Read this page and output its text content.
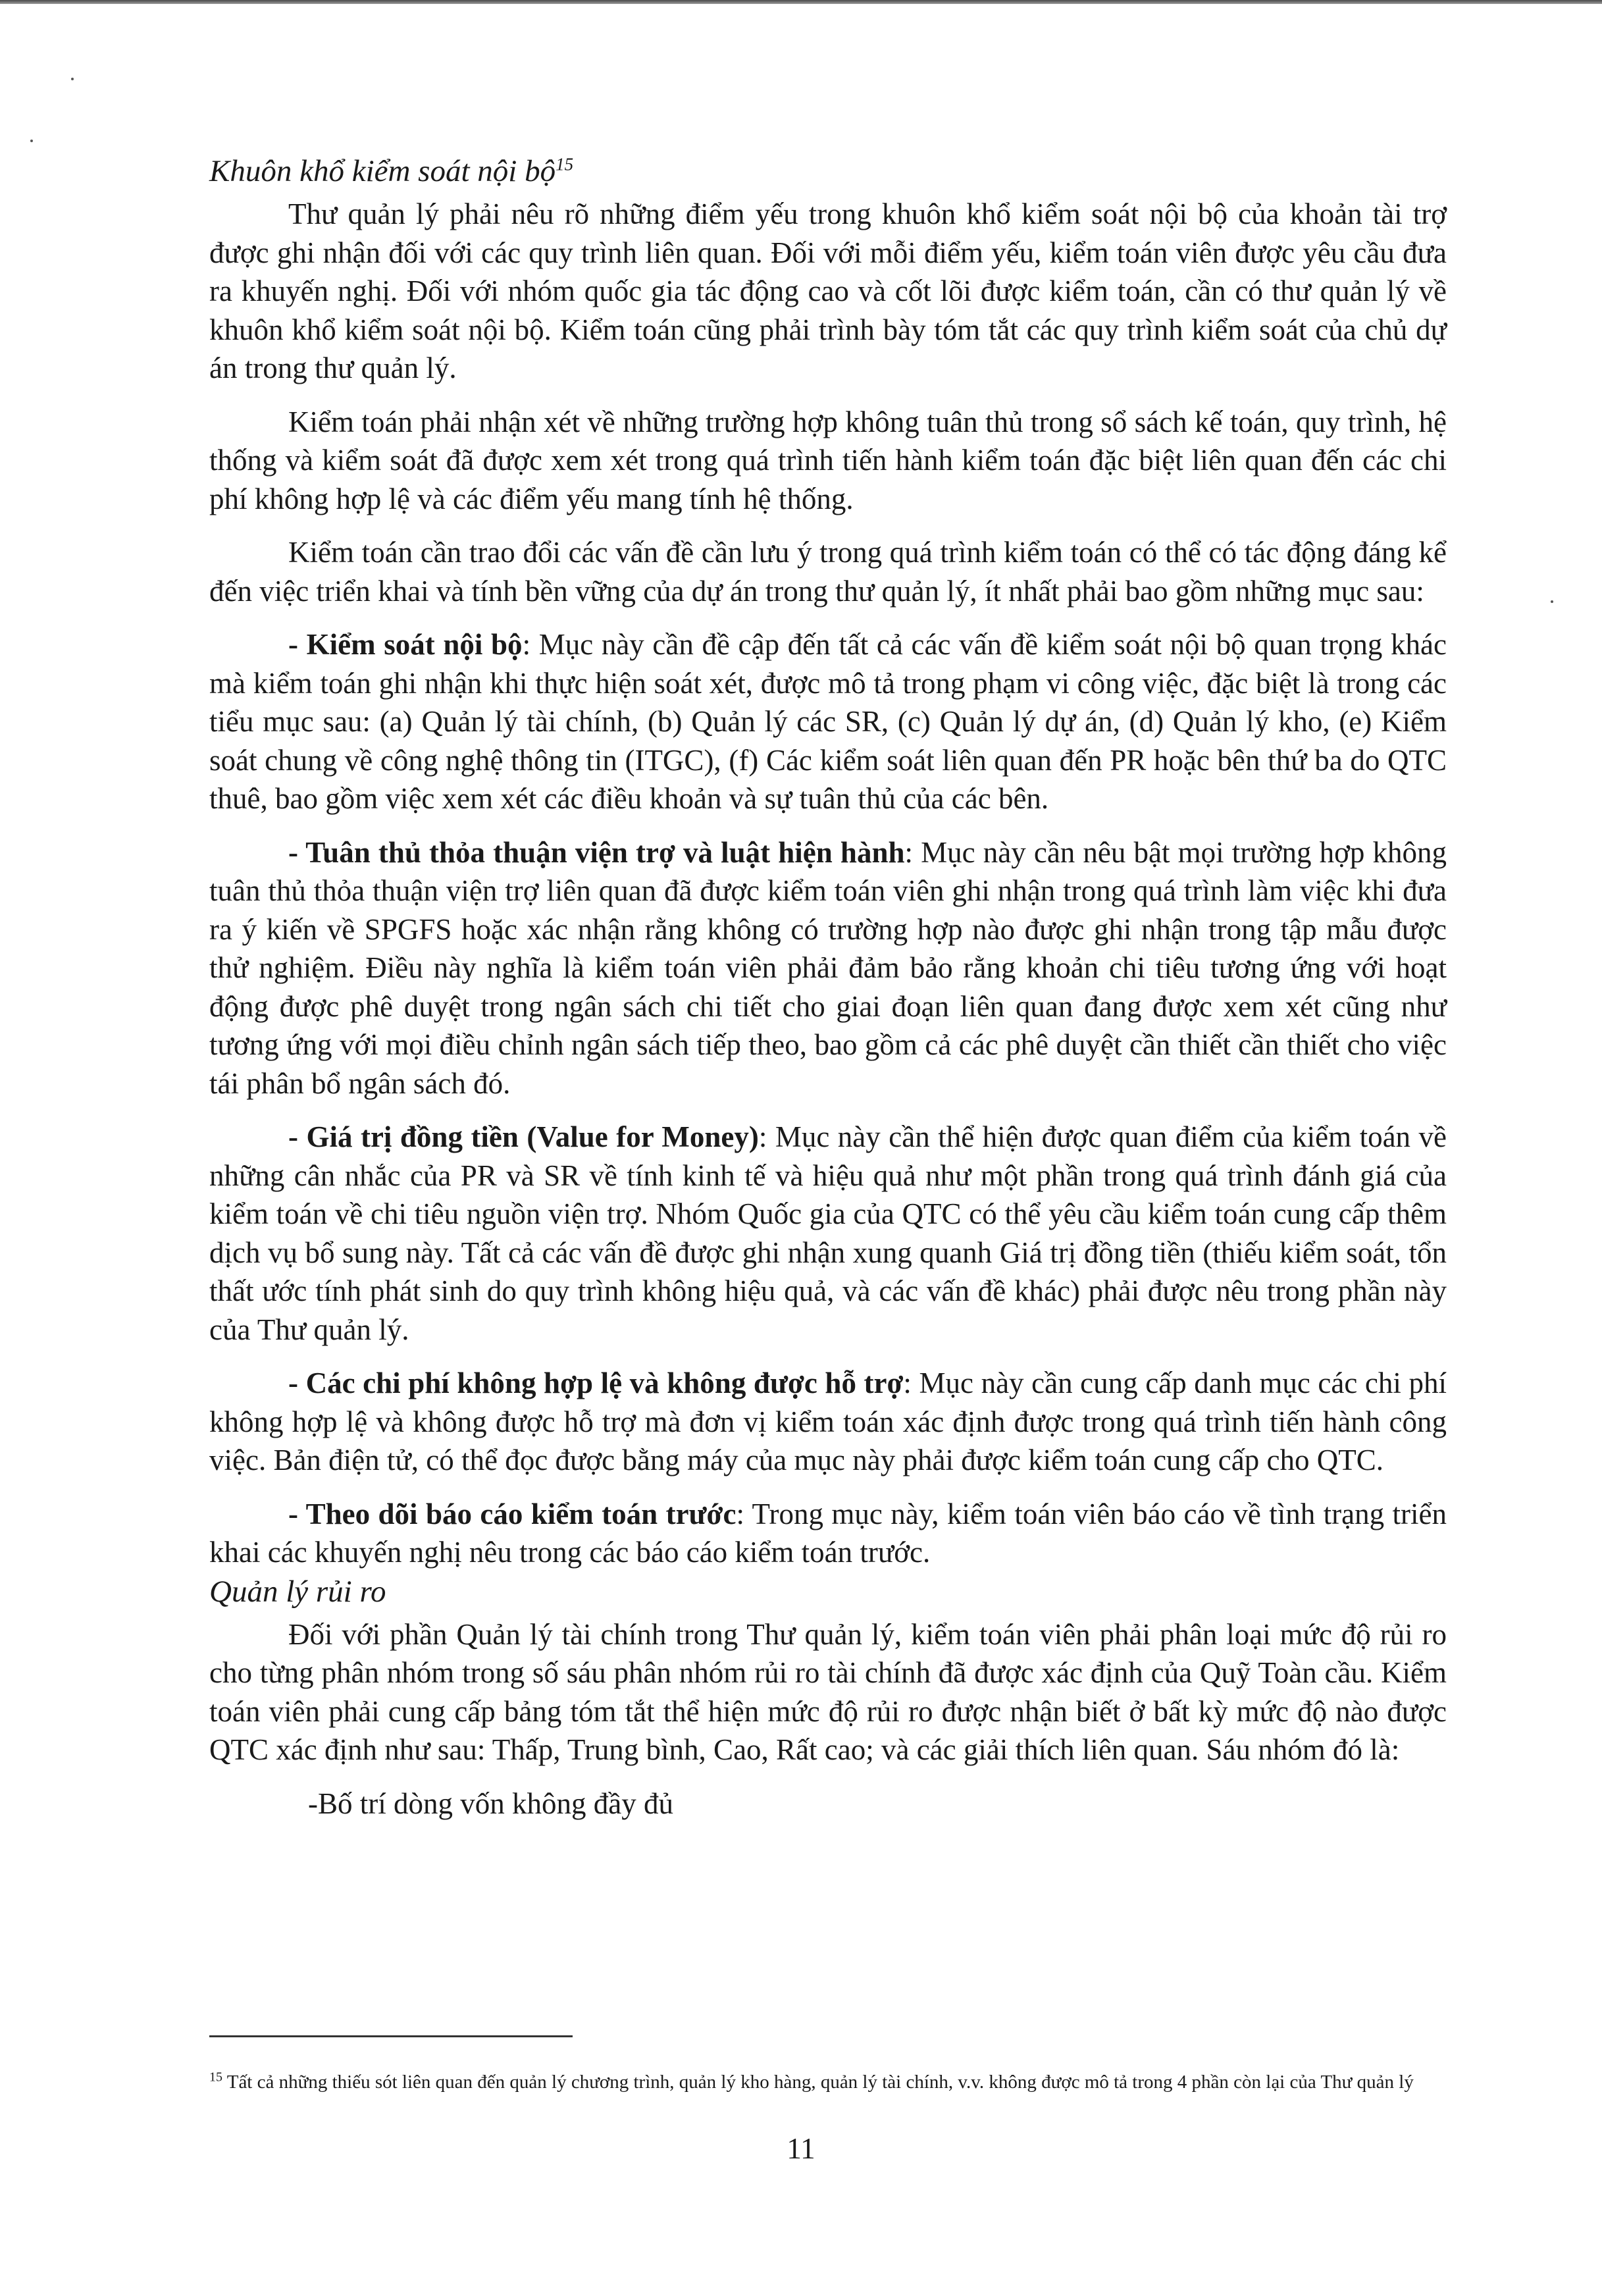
Khuôn khổ kiểm soát nội bộ$^{15}$

Thư quản lý phải nêu rõ những điểm yếu trong khuôn khổ kiểm soát nội bộ của khoản tài trợ được ghi nhận đối với các quy trình liên quan. Đối với mỗi điểm yếu, kiểm toán viên được yêu cầu đưa ra khuyến nghị. Đối với nhóm quốc gia tác động cao và cốt lõi được kiểm toán, cần có thư quản lý về khuôn khổ kiểm soát nội bộ. Kiểm toán cũng phải trình bày tóm tắt các quy trình kiểm soát của chủ dự án trong thư quản lý.

Kiểm toán phải nhận xét về những trường hợp không tuân thủ trong sổ sách kế toán, quy trình, hệ thống và kiểm soát đã được xem xét trong quá trình tiến hành kiểm toán đặc biệt liên quan đến các chi phí không hợp lệ và các điểm yếu mang tính hệ thống.

Kiểm toán cần trao đổi các vấn đề cần lưu ý trong quá trình kiểm toán có thể có tác động đáng kể đến việc triển khai và tính bền vững của dự án trong thư quản lý, ít nhất phải bao gồm những mục sau:

- Kiểm soát nội bộ: Mục này cần đề cập đến tất cả các vấn đề kiểm soát nội bộ quan trọng khác mà kiểm toán ghi nhận khi thực hiện soát xét, được mô tả trong phạm vi công việc, đặc biệt là trong các tiểu mục sau: (a) Quản lý tài chính, (b) Quản lý các SR, (c) Quản lý dự án, (d) Quản lý kho, (e) Kiểm soát chung về công nghệ thông tin (ITGC), (f) Các kiểm soát liên quan đến PR hoặc bên thứ ba do QTC thuê, bao gồm việc xem xét các điều khoản và sự tuân thủ của các bên.

- Tuân thủ thỏa thuận viện trợ và luật hiện hành: Mục này cần nêu bật mọi trường hợp không tuân thủ thỏa thuận viện trợ liên quan đã được kiểm toán viên ghi nhận trong quá trình làm việc khi đưa ra ý kiến về SPGFS hoặc xác nhận rằng không có trường hợp nào được ghi nhận trong tập mẫu được thử nghiệm. Điều này nghĩa là kiểm toán viên phải đảm bảo rằng khoản chi tiêu tương ứng với hoạt động được phê duyệt trong ngân sách chi tiết cho giai đoạn liên quan đang được xem xét cũng như tương ứng với mọi điều chỉnh ngân sách tiếp theo, bao gồm cả các phê duyệt cần thiết cần thiết cho việc tái phân bổ ngân sách đó.

- Giá trị đồng tiền (Value for Money): Mục này cần thể hiện được quan điểm của kiểm toán về những cân nhắc của PR và SR về tính kinh tế và hiệu quả như một phần trong quá trình đánh giá của kiểm toán về chi tiêu nguồn viện trợ. Nhóm Quốc gia của QTC có thể yêu cầu kiểm toán cung cấp thêm dịch vụ bổ sung này. Tất cả các vấn đề được ghi nhận xung quanh Giá trị đồng tiền (thiếu kiểm soát, tổn thất ước tính phát sinh do quy trình không hiệu quả, và các vấn đề khác) phải được nêu trong phần này của Thư quản lý.

- Các chi phí không hợp lệ và không được hỗ trợ: Mục này cần cung cấp danh mục các chi phí không hợp lệ và không được hỗ trợ mà đơn vị kiểm toán xác định được trong quá trình tiến hành công việc. Bản điện tử, có thể đọc được bằng máy của mục này phải được kiểm toán cung cấp cho QTC.

- Theo dõi báo cáo kiểm toán trước: Trong mục này, kiểm toán viên báo cáo về tình trạng triển khai các khuyến nghị nêu trong các báo cáo kiểm toán trước.

Quản lý rủi ro

Đối với phần Quản lý tài chính trong Thư quản lý, kiểm toán viên phải phân loại mức độ rủi ro cho từng phân nhóm trong số sáu phân nhóm rủi ro tài chính đã được xác định của Quỹ Toàn cầu. Kiểm toán viên phải cung cấp bảng tóm tắt thể hiện mức độ rủi ro được nhận biết ở bất kỳ mức độ nào được QTC xác định như sau: Thấp, Trung bình, Cao, Rất cao; và các giải thích liên quan. Sáu nhóm đó là:

-Bố trí dòng vốn không đầy đủ

$^{15}$ Tất cả những thiếu sót liên quan đến quản lý chương trình, quản lý kho hàng, quản lý tài chính, v.v. không được mô tả trong 4 phần còn lại của Thư quản lý

11
